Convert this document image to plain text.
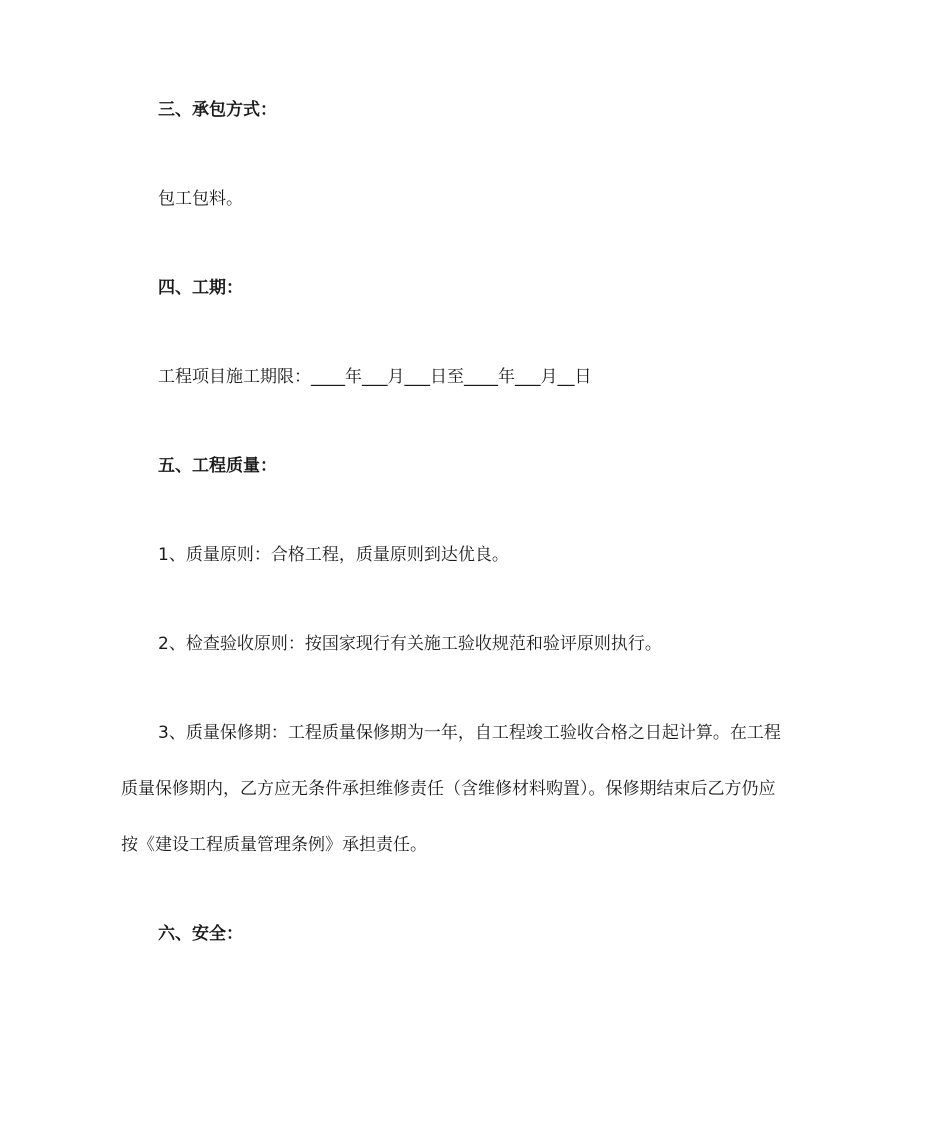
三、承包方式：
包工包料。
四、工期：
工程项目施工期限：____年___月___日至____年___月__日
五、工程质量：
1、质量原则：合格工程，质量原则到达优良。
2、检查验收原则：按国家现行有关施工验收规范和验评原则执行。
3、质量保修期：工程质量保修期为一年，自工程竣工验收合格之日起计算。在工程
质量保修期内，乙方应无条件承担维修责任（含维修材料购置）。保修期结束后乙方仍应
按《建设工程质量管理条例》承担责任。
六、安全：
